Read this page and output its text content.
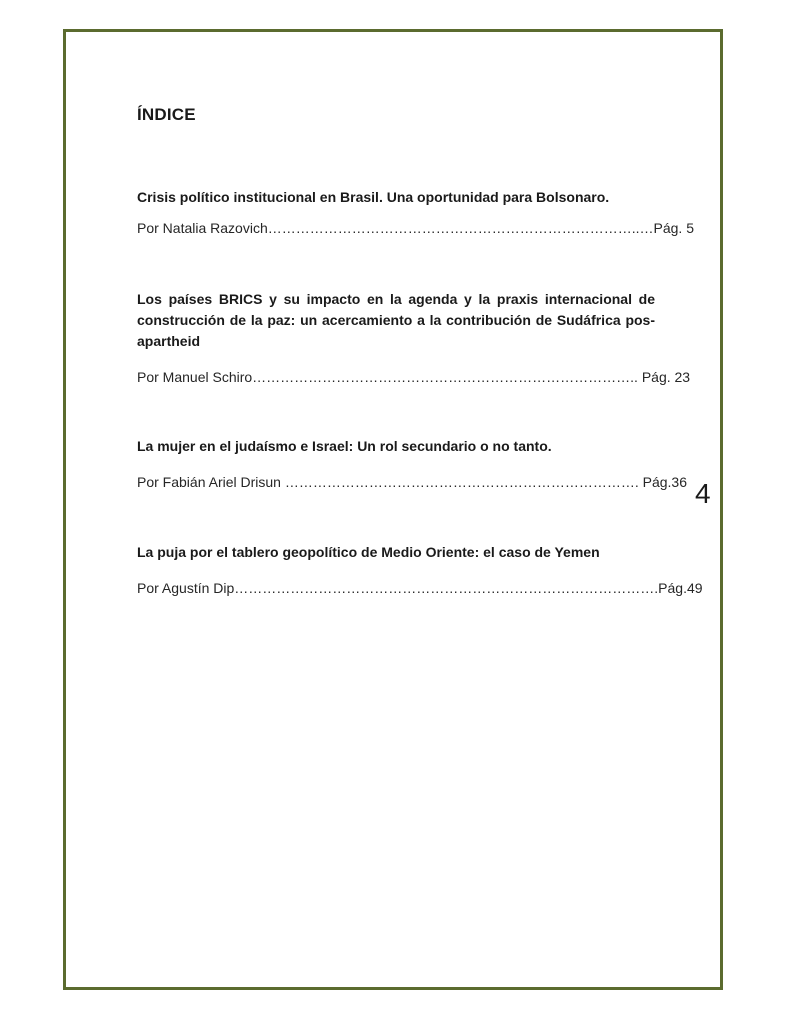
ÍNDICE

Crisis político institucional en Brasil. Una oportunidad para Bolsonaro.

Por Natalia Razovich……………………………………………………………………..…Pág. 5

Los países BRICS y su impacto en la agenda y la praxis internacional de construcción de la paz: un acercamiento a la contribución de Sudáfrica pos-apartheid

Por Manuel Schiro……………………………………………………………………….. Pág. 23

La mujer en el judaísmo e Israel: Un rol secundario o no tanto.

Por Fabián Ariel Drisun …………………………………………………………………. Pág.36 4

La puja por el tablero geopolítico de Medio Oriente: el caso de Yemen

Por Agustín Dip……………………………………………………………………………….Pág.49
